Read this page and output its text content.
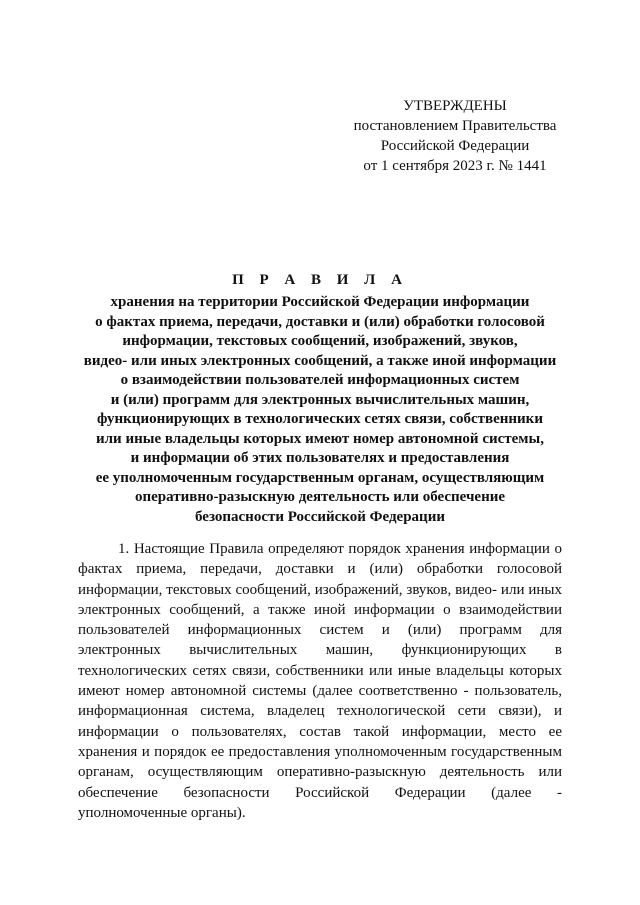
УТВЕРЖДЕНЫ
постановлением Правительства
Российской Федерации
от 1 сентября 2023 г. № 1441
П Р А В И Л А
хранения на территории Российской Федерации информации
о фактах приема, передачи, доставки и (или) обработки голосовой
информации, текстовых сообщений, изображений, звуков,
видео- или иных электронных сообщений, а также иной информации
о взаимодействии пользователей информационных систем
и (или) программ для электронных вычислительных машин,
функционирующих в технологических сетях связи, собственники
или иные владельцы которых имеют номер автономной системы,
и информации об этих пользователях и предоставления
ее уполномоченным государственным органам, осуществляющим
оперативно-разыскную деятельность или обеспечение
безопасности Российской Федерации

1. Настоящие Правила определяют порядок хранения информации о фактах приема, передачи, доставки и (или) обработки голосовой информации, текстовых сообщений, изображений, звуков, видео- или иных электронных сообщений, а также иной информации о взаимодействии пользователей информационных систем и (или) программ для электронных вычислительных машин, функционирующих в технологических сетях связи, собственники или иные владельцы которых имеют номер автономной системы (далее соответственно - пользователь, информационная система, владелец технологической сети связи), и информации о пользователях, состав такой информации, место ее хранения и порядок ее предоставления уполномоченным государственным органам, осуществляющим оперативно-разыскную деятельность или обеспечение безопасности Российской Федерации (далее - уполномоченные органы).
